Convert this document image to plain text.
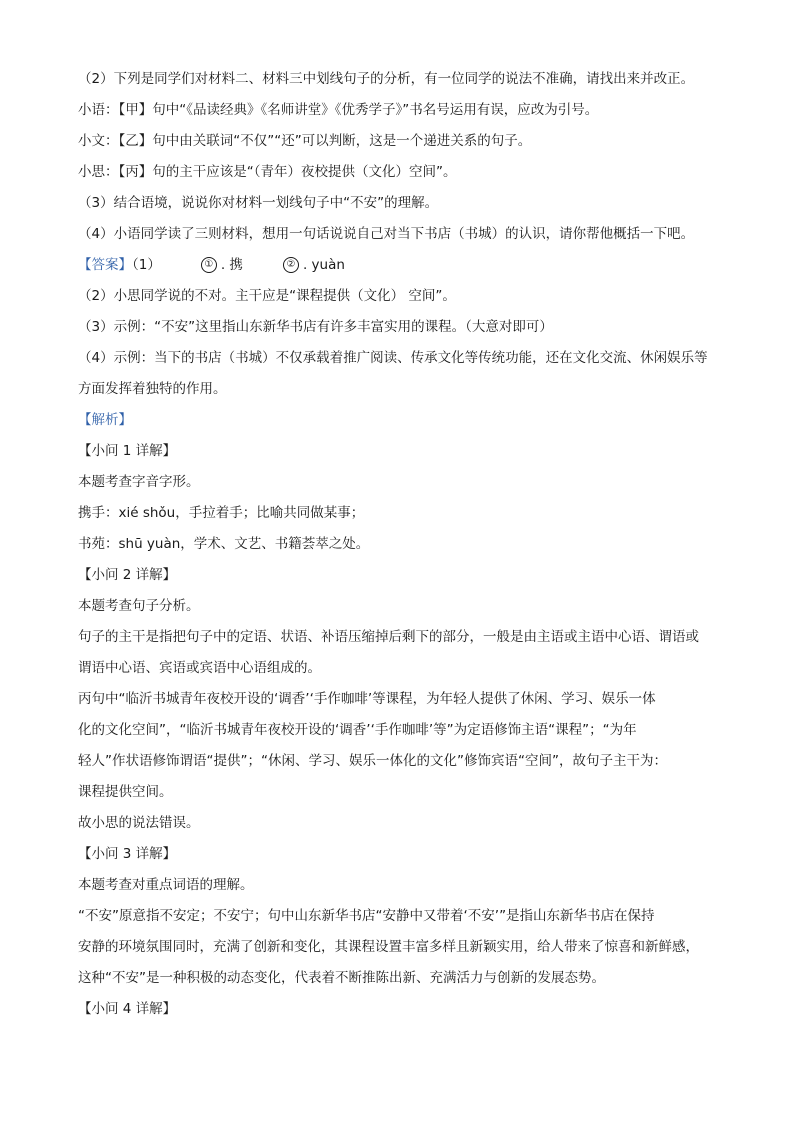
（2）下列是同学们对材料二、材料三中划线句子的分析，有一位同学的说法不准确，请找出来并改正。

小语：【甲】句中“《品读经典》《名师讲堂》《优秀学子》”书名号运用有误，应改为引号。

小文：【乙】句中由关联词“不仅”“还”可以判断，这是一个递进关系的句子。

小思：【丙】句的主干应该是“（青年）夜校提供（文化）空间”。

（3）结合语境，说说你对材料一划线句子中“不安”的理解。

（4）小语同学读了三则材料，想用一句话说说自己对当下书店（书城）的认识，请你帮他概括一下吧。

【答案】（1）	① . 携	② . yuàn

（2）小思同学说的不对。主干应是“课程提供（文化） 空间”。

（3）示例：“不安”这里指山东新华书店有许多丰富实用的课程。（大意对即可）

（4）示例：当下的书店（书城）不仅承载着推广阅读、传承文化等传统功能，还在文化交流、休闲娱乐等

方面发挥着独特的作用。

【解析】

【小问 1 详解】

本题考查字音字形。

携手：xié shǒu，手拉着手；比喻共同做某事；

书苑：shū yuàn，学术、文艺、书籍荟萃之处。

【小问 2 详解】

本题考查句子分析。

句子的主干是指把句子中的定语、状语、补语压缩掉后剩下的部分，一般是由主语或主语中心语、谓语或

谓语中心语、宾语或宾语中心语组成的。

丙句中“临沂书城青年夜校开设的‘调香’‘手作咖啡’等课程，为年轻人提供了休闲、学习、娱乐一体

化的文化空间”，“临沂书城青年夜校开设的‘调香’‘手作咖啡’等”为定语修饰主语“课程”；“为年

轻人”作状语修饰谓语“提供”；“休闲、学习、娱乐一体化的文化”修饰宾语“空间”，故句子主干为：

课程提供空间。

故小思的说法错误。

【小问 3 详解】

本题考查对重点词语的理解。

“不安”原意指不安定；不安宁；句中山东新华书店“安静中又带着‘不安’”是指山东新华书店在保持

安静的环境氛围同时，充满了创新和变化，其课程设置丰富多样且新颖实用，给人带来了惊喜和新鲜感，

这种“不安”是一种积极的动态变化，代表着不断推陈出新、充满活力与创新的发展态势。

【小问 4 详解】
